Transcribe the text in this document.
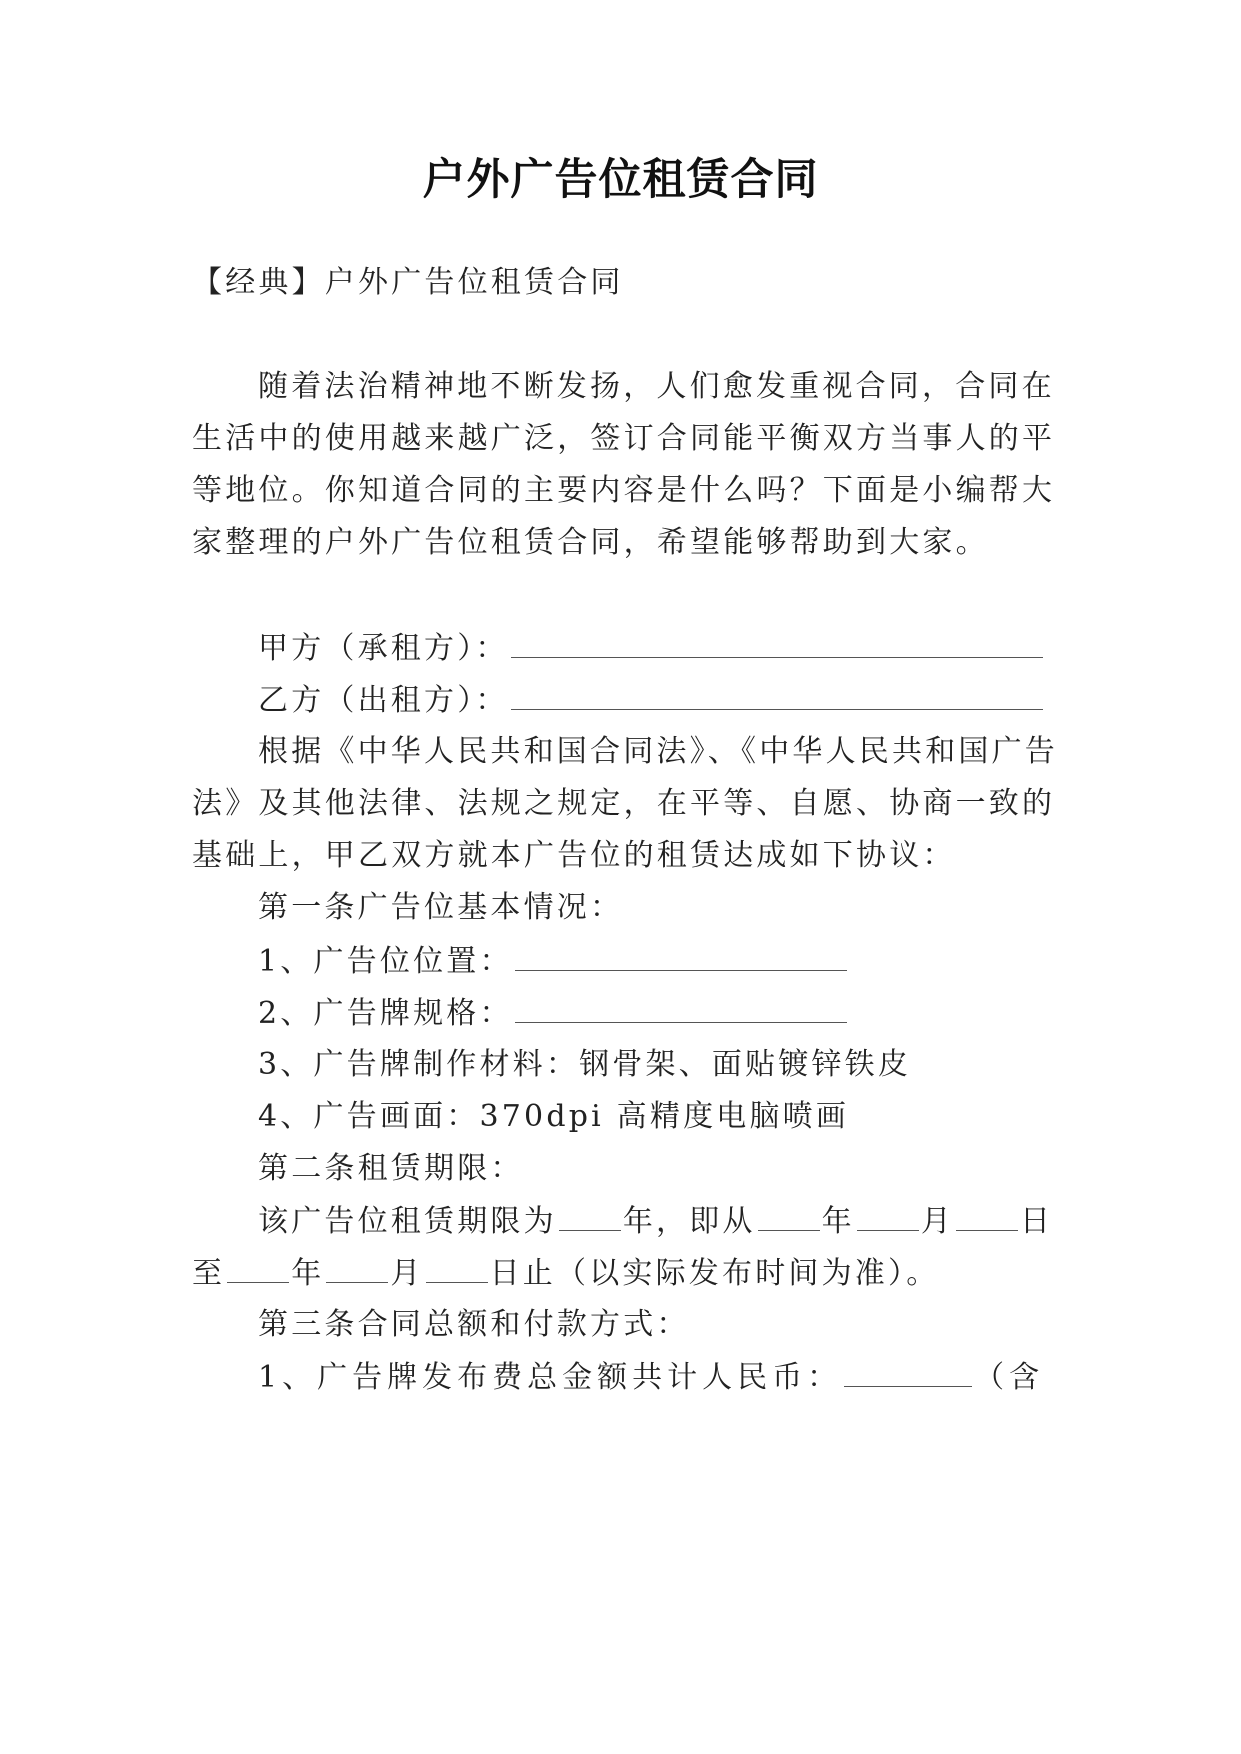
户外广告位租赁合同
【经典】户外广告位租赁合同
随着法治精神地不断发扬，人们愈发重视合同，合同在
生活中的使用越来越广泛，签订合同能平衡双方当事人的平
等地位。你知道合同的主要内容是什么吗？下面是小编帮大
家整理的户外广告位租赁合同，希望能够帮助到大家。
甲方（承租方）：
乙方（出租方）：
根据《中华人民共和国合同法》、《中华人民共和国广告
法》及其他法律、法规之规定，在平等、自愿、协商一致的
基础上，甲乙双方就本广告位的租赁达成如下协议：
第一条广告位基本情况：
1、广告位位置：
2、广告牌规格：
3、广告牌制作材料：钢骨架、面贴镀锌铁皮
4、广告画面：370dpi 高精度电脑喷画
第二条租赁期限：
该广告位租赁期限为 年，即从 年 月 日
至 年 月 日止（以实际发布时间为准）。
第三条合同总额和付款方式：
1、广告牌发布费总金额共计人民币：	（含
